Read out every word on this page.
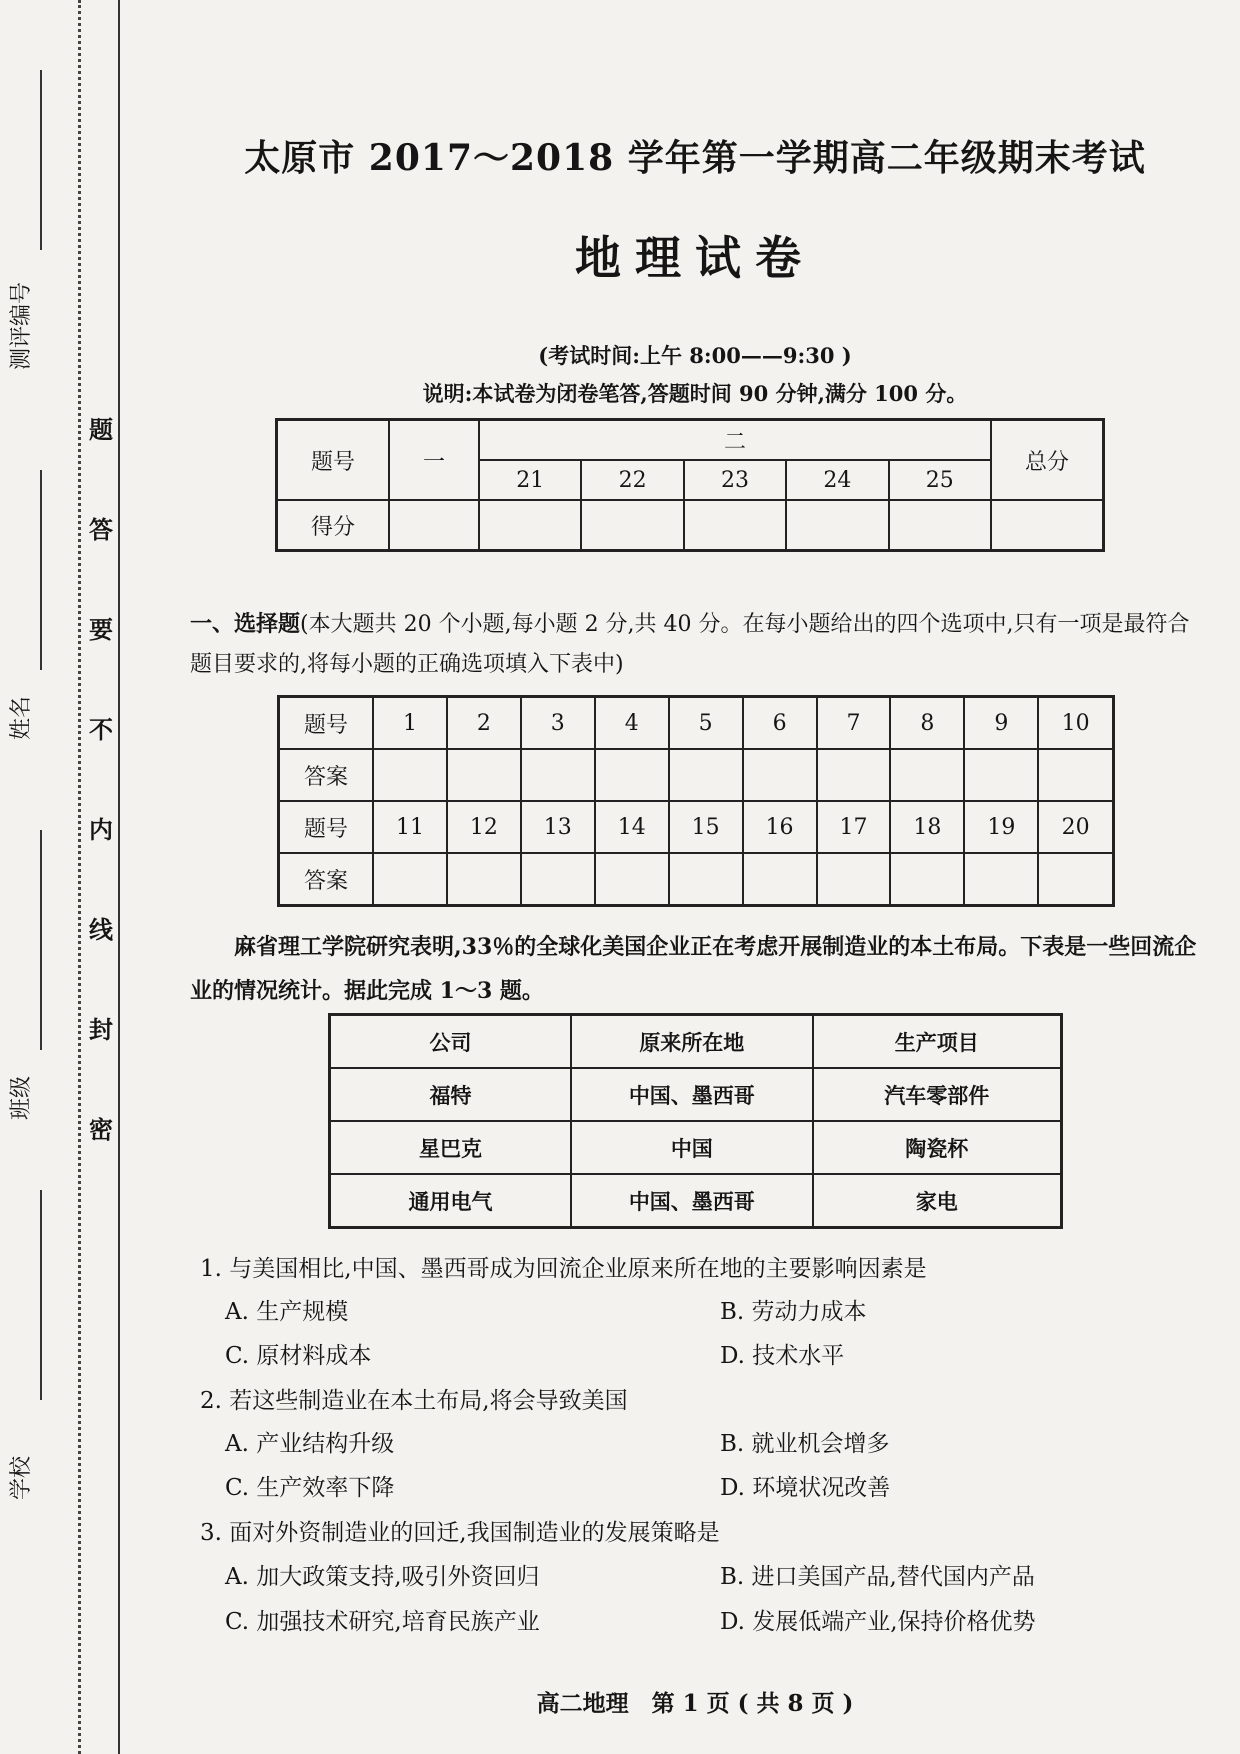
题
答
要
不
内
线
封
密
测评编号
姓名
班级
学校
太原市 2017～2018 学年第一学期高二年级期末考试
地理试卷
(考试时间:上午 8:00——9:30 )
说明:本试卷为闭卷笔答,答题时间 90 分钟,满分 100 分。
题号	一	二					总分
		21	22	23	24	25	
得分							
一、选择题(本大题共 20 个小题,每小题 2 分,共 40 分。在每小题给出的四个选项中,只有一项是最符合题目要求的,将每小题的正确选项填入下表中)
题号	1	2	3	4	5	6	7	8	9	10
答案										
题号	11	12	13	14	15	16	17	18	19	20
答案										
麻省理工学院研究表明,33％的全球化美国企业正在考虑开展制造业的本土布局。下表是一些回流企业的情况统计。据此完成 1～3 题。
公司	原来所在地	生产项目
福特	中国、墨西哥	汽车零部件
星巴克	中国	陶瓷杯
通用电气	中国、墨西哥	家电
1. 与美国相比,中国、墨西哥成为回流企业原来所在地的主要影响因素是
A. 生产规模	B. 劳动力成本
C. 原材料成本	D. 技术水平
2. 若这些制造业在本土布局,将会导致美国
A. 产业结构升级	B. 就业机会增多
C. 生产效率下降	D. 环境状况改善
3. 面对外资制造业的回迁,我国制造业的发展策略是
A. 加大政策支持,吸引外资回归	B. 进口美国产品,替代国内产品
C. 加强技术研究,培育民族产业	D. 发展低端产业,保持价格优势
高二地理　第 1 页 ( 共 8 页 )
